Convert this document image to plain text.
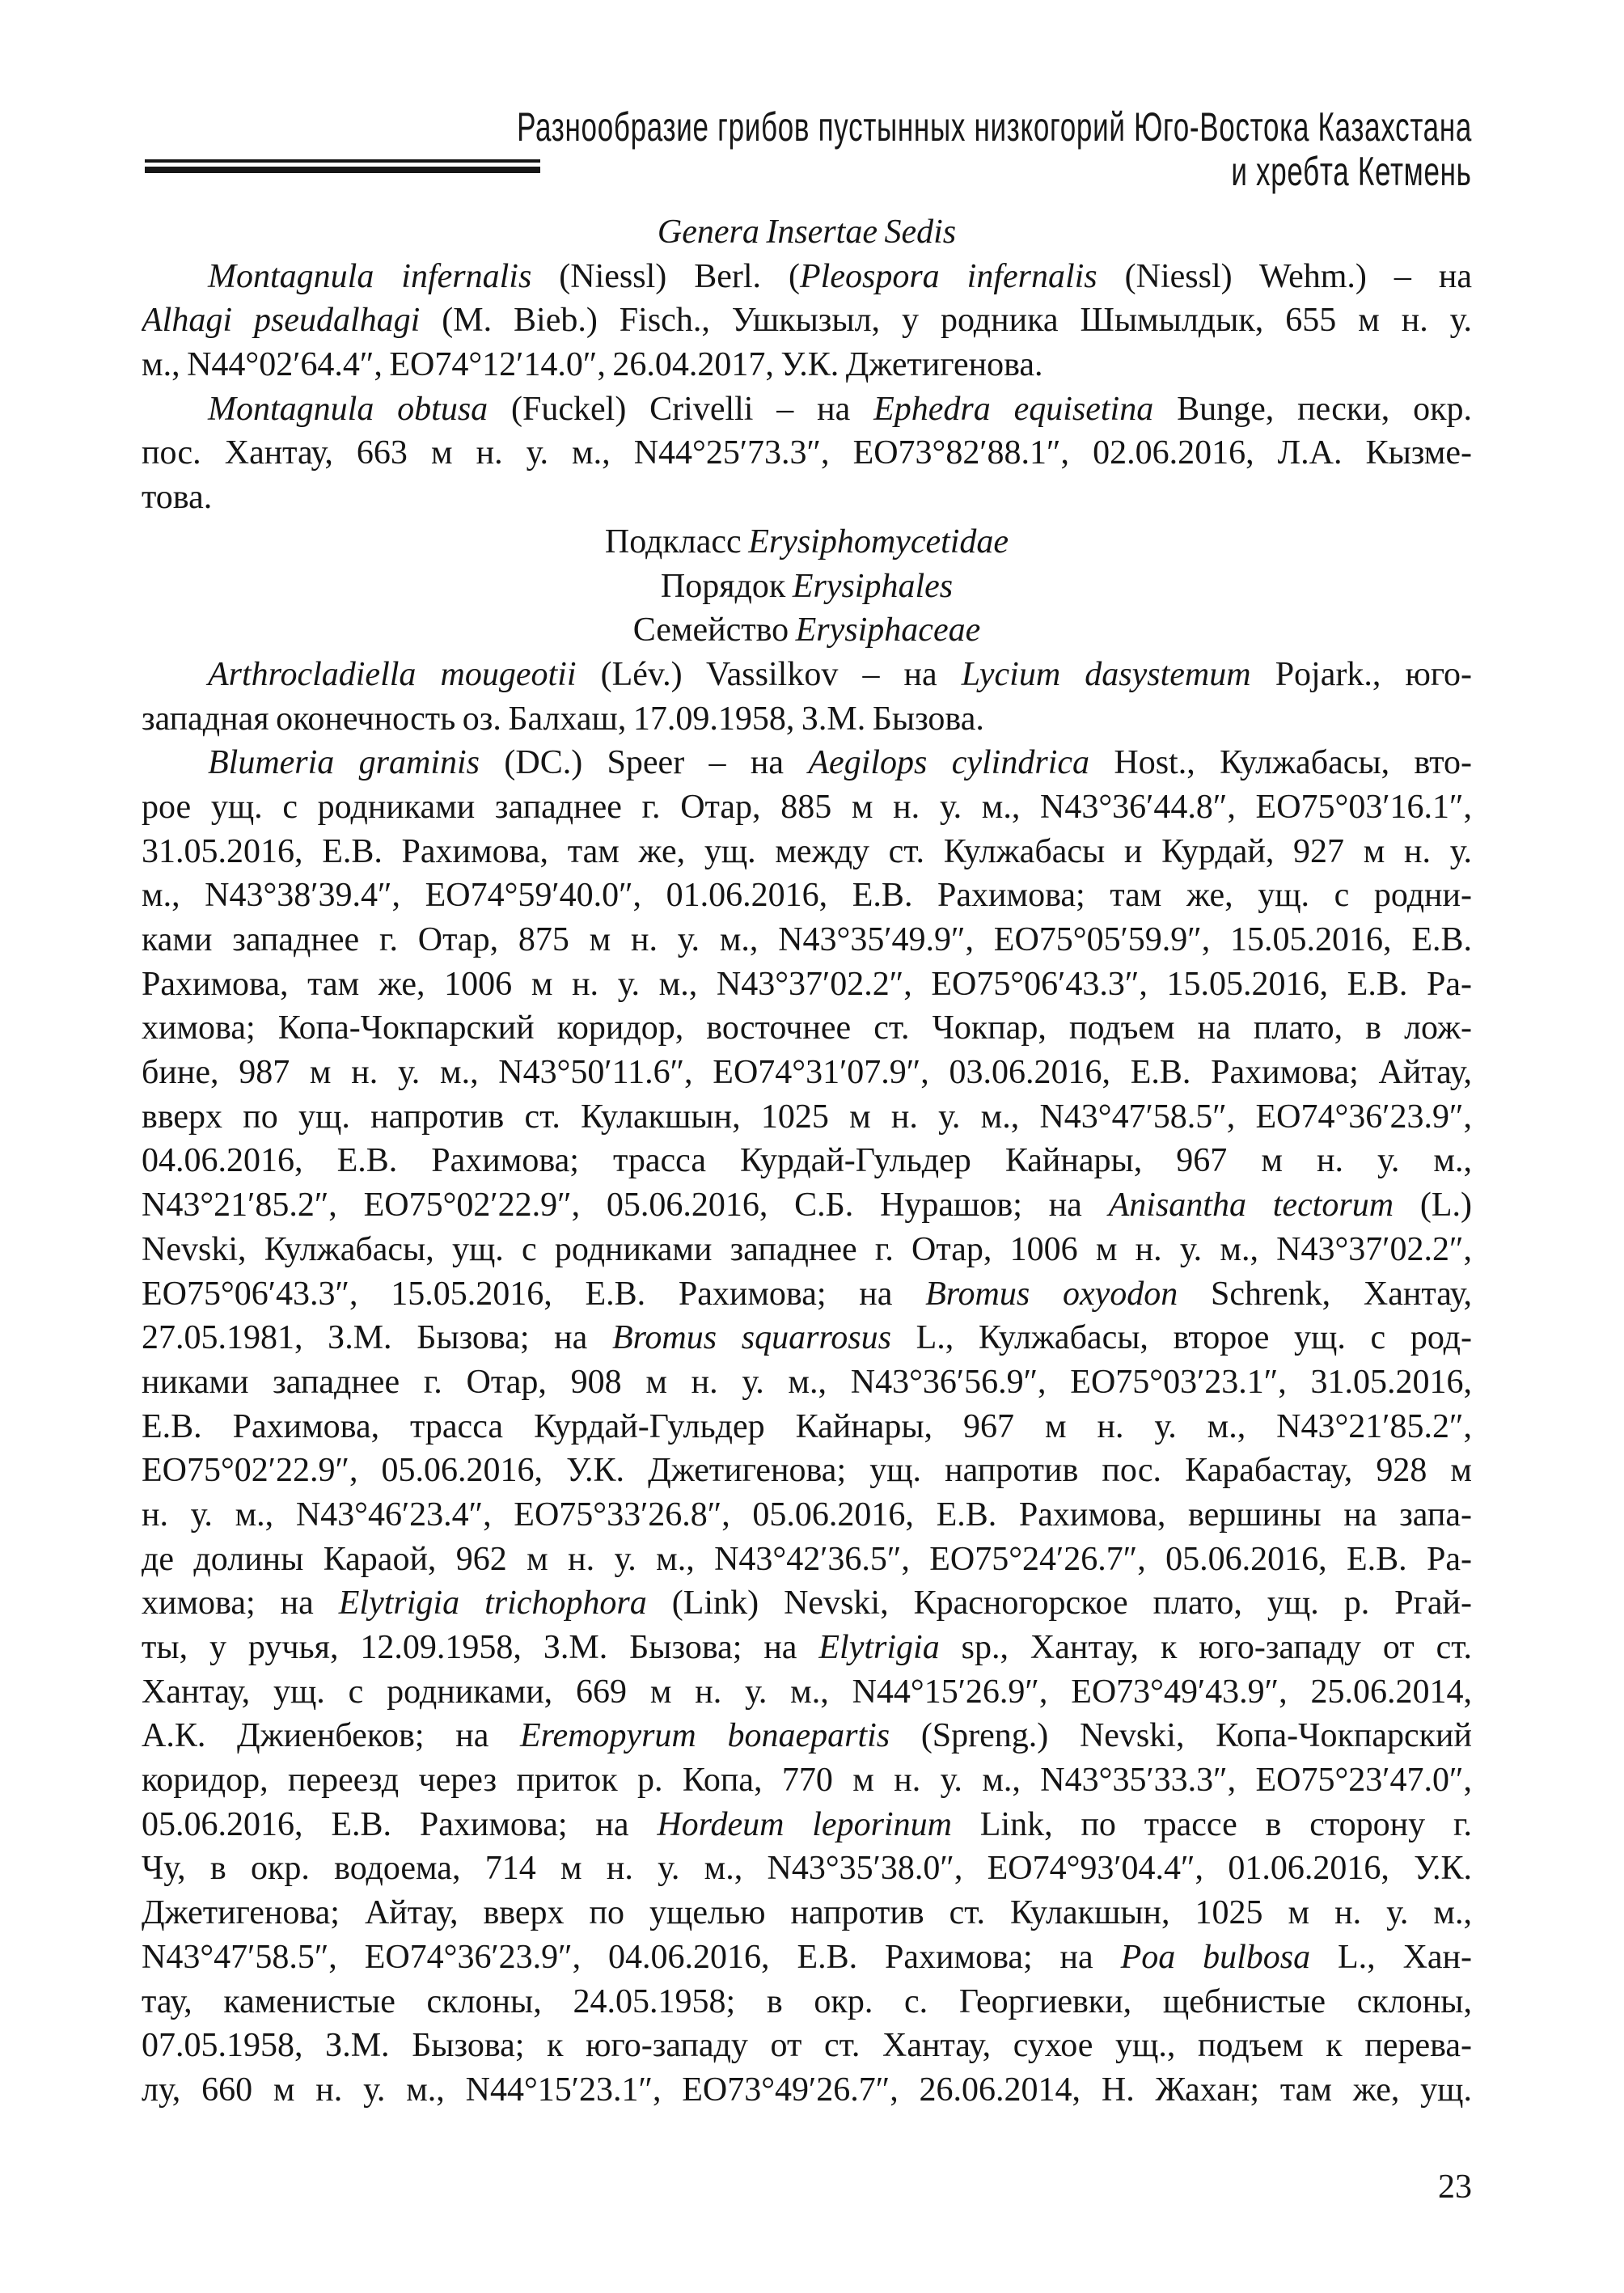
Разнообразие грибов пустынных низкогорий Юго-Востока Казахстана
и хребта Кетмень
Genera Insertae Sedis
Montagnula infernalis (Niessl) Berl. (Pleospora infernalis (Niessl) Wehm.) – на
Alhagi pseudalhagi (M. Bieb.) Fisch., Ушкызыл, у родника Шымылдык, 655 м н. у.
м., N44°02′64.4″, EO74°12′14.0″, 26.04.2017, У.К. Джетигенова.
Montagnula obtusa (Fuckel) Crivelli – на Ephedra equisetina Bunge, пески, окр.
пос. Хантау, 663 м н. у. м., N44°25′73.3″, EO73°82′88.1″, 02.06.2016, Л.А. Кызме-
това.
Подкласс Erysiphomycetidae
Порядок Erysiphales
Семейство Erysiphaceae
Arthrocladiella mougeotii (Lév.) Vassilkov – на Lycium dasystemum Pojark., юго-
западная оконечность оз. Балхаш, 17.09.1958, З.М. Бызова.
Blumeria graminis (DC.) Speer – на Aegilops cylindrica Host., Кулжабасы, вто-
рое ущ. с родниками западнее г. Отар, 885 м н. у. м., N43°36′44.8″, EO75°03′16.1″,
31.05.2016, Е.В. Рахимова, там же, ущ. между ст. Кулжабасы и Курдай, 927 м н. у.
м., N43°38′39.4″, EO74°59′40.0″, 01.06.2016, Е.В. Рахимова; там же, ущ. с родни-
ками западнее г. Отар, 875 м н. у. м., N43°35′49.9″, EO75°05′59.9″, 15.05.2016, Е.В.
Рахимова, там же, 1006 м н. у. м., N43°37′02.2″, EO75°06′43.3″, 15.05.2016, Е.В. Ра-
химова; Копа-Чокпарский коридор, восточнее ст. Чокпар, подъем на плато, в лож-
бине, 987 м н. у. м., N43°50′11.6″, EO74°31′07.9″, 03.06.2016, Е.В. Рахимова; Айтау,
вверх по ущ. напротив ст. Кулакшын, 1025 м н. у. м., N43°47′58.5″, EO74°36′23.9″,
04.06.2016, Е.В. Рахимова; трасса Курдай-Гульдер Кайнары, 967 м н. у. м.,
N43°21′85.2″, EO75°02′22.9″, 05.06.2016, С.Б. Нурашов; на Anisantha tectorum (L.)
Nevski, Кулжабасы, ущ. с родниками западнее г. Отар, 1006 м н. у. м., N43°37′02.2″,
EO75°06′43.3″, 15.05.2016, Е.В. Рахимова; на Bromus oxyodon Schrenk, Хантау,
27.05.1981, З.М. Бызова; на Bromus squarrosus L., Кулжабасы, второе ущ. с род-
никами западнее г. Отар, 908 м н. у. м., N43°36′56.9″, EO75°03′23.1″, 31.05.2016,
Е.В. Рахимова, трасса Курдай-Гульдер Кайнары, 967 м н. у. м., N43°21′85.2″,
EO75°02′22.9″, 05.06.2016, У.К. Джетигенова; ущ. напротив пос. Карабастау, 928 м
н. у. м., N43°46′23.4″, EO75°33′26.8″, 05.06.2016, Е.В. Рахимова, вершины на запа-
де долины Караой, 962 м н. у. м., N43°42′36.5″, EO75°24′26.7″, 05.06.2016, Е.В. Ра-
химова; на Elytrigia trichophora (Link) Nevski, Красногорское плато, ущ. р. Ргай-
ты, у ручья, 12.09.1958, З.М. Бызова; на Elytrigia sp., Хантау, к юго-западу от ст.
Хантау, ущ. с родниками, 669 м н. у. м., N44°15′26.9″, EO73°49′43.9″, 25.06.2014,
А.К. Джиенбеков; на Eremopyrum bonaepartis (Spreng.) Nevski, Копа-Чокпарский
коридор, переезд через приток р. Копа, 770 м н. у. м., N43°35′33.3″, EO75°23′47.0″,
05.06.2016, Е.В. Рахимова; на Hordeum leporinum Link, по трассе в сторону г.
Чу, в окр. водоема, 714 м н. у. м., N43°35′38.0″, EO74°93′04.4″, 01.06.2016, У.К.
Джетигенова; Айтау, вверх по ущелью напротив ст. Кулакшын, 1025 м н. у. м.,
N43°47′58.5″, EO74°36′23.9″, 04.06.2016, Е.В. Рахимова; на Poa bulbosa L., Хан-
тау, каменистые склоны, 24.05.1958; в окр. с. Георгиевки, щебнистые склоны,
07.05.1958, З.М. Бызова; к юго-западу от ст. Хантау, сухое ущ., подъем к перева-
лу, 660 м н. у. м., N44°15′23.1″, EO73°49′26.7″, 26.06.2014, Н. Жахан; там же, ущ.
23
